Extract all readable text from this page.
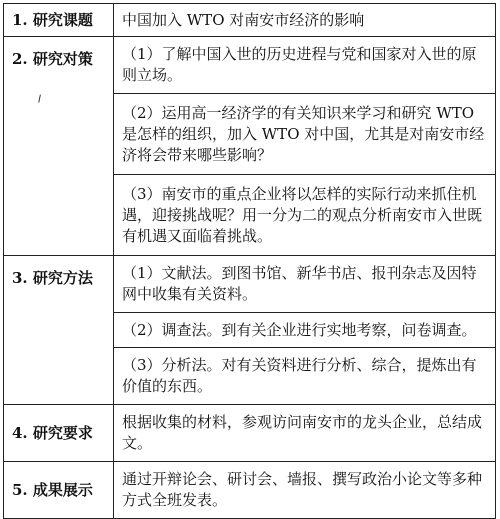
1. 研究课题	中国加入 WTO 对南安市经济的影响
2. 研究对策	（1）了解中国入世的历史进程与党和国家对入世的原则立场。
	（2）运用高一经济学的有关知识来学习和研究 WTO 是怎样的组织，加入 WTO 对中国，尤其是对南安市经济将会带来哪些影响？
	（3）南安市的重点企业将以怎样的实际行动来抓住机遇，迎接挑战呢？用一分为二的观点分析南安市入世既有机遇又面临着挑战。
3. 研究方法	（1）文献法。到图书馆、新华书店、报刊杂志及因特网中收集有关资料。
	（2）调查法。到有关企业进行实地考察，问卷调查。
	（3）分析法。对有关资料进行分析、综合，提炼出有价值的东西。
4. 研究要求	根据收集的材料，参观访问南安市的龙头企业，总结成文。
5. 成果展示	通过开辩论会、研讨会、墙报、撰写政治小论文等多种方式全班发表。
